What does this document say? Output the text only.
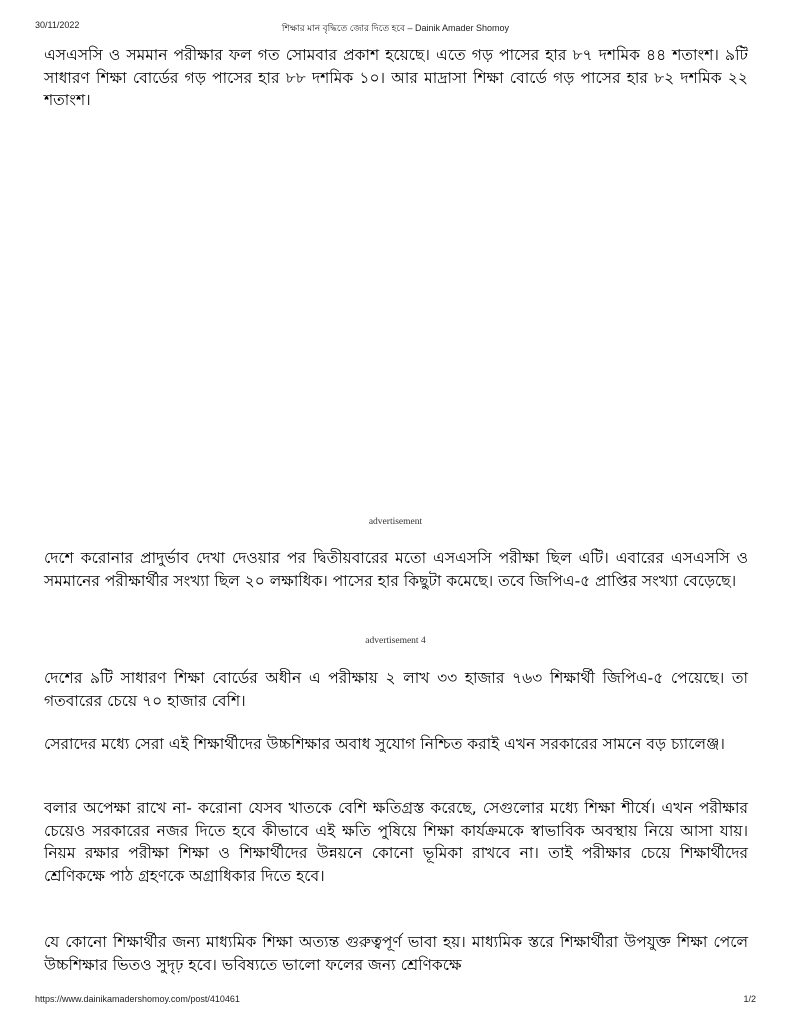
30/11/2022	শিক্ষার মান বৃদ্ধিতে জোর দিতে হবে – Dainik Amader Shomoy
এসএসসি ও সমমান পরীক্ষার ফল গত সোমবার প্রকাশ হয়েছে। এতে গড় পাসের হার ৮৭ দশমিক ৪৪ শতাংশ। ৯টি সাধারণ শিক্ষা বোর্ডের গড় পাসের হার ৮৮ দশমিক ১০। আর মাদ্রাসা শিক্ষা বোর্ডে গড় পাসের হার ৮২ দশমিক ২২ শতাংশ।
advertisement
দেশে করোনার প্রাদুর্ভাব দেখা দেওয়ার পর দ্বিতীয়বারের মতো এসএসসি পরীক্ষা ছিল এটি। এবারের এসএসসি ও সমমানের পরীক্ষার্থীর সংখ্যা ছিল ২০ লক্ষাধিক। পাসের হার কিছুটা কমেছে। তবে জিপিএ-৫ প্রাপ্তির সংখ্যা বেড়েছে।
advertisement 4
দেশের ৯টি সাধারণ শিক্ষা বোর্ডের অধীন এ পরীক্ষায় ২ লাখ ৩৩ হাজার ৭৬৩ শিক্ষার্থী জিপিএ-৫ পেয়েছে। তা গতবারের চেয়ে ৭০ হাজার বেশি।
সেরাদের মধ্যে সেরা এই শিক্ষার্থীদের উচ্চশিক্ষার অবাধ সুযোগ নিশ্চিত করাই এখন সরকারের সামনে বড় চ্যালেঞ্জ।
বলার অপেক্ষা রাখে না- করোনা যেসব খাতকে বেশি ক্ষতিগ্রস্ত করেছে, সেগুলোর মধ্যে শিক্ষা শীর্ষে। এখন পরীক্ষার চেয়েও সরকারের নজর দিতে হবে কীভাবে এই ক্ষতি পুষিয়ে শিক্ষা কার্যক্রমকে স্বাভাবিক অবস্থায় নিয়ে আসা যায়। নিয়ম রক্ষার পরীক্ষা শিক্ষা ও শিক্ষার্থীদের উন্নয়নে কোনো ভূমিকা রাখবে না। তাই পরীক্ষার চেয়ে শিক্ষার্থীদের শ্রেণিকক্ষে পাঠ গ্রহণকে অগ্রাধিকার দিতে হবে।
যে কোনো শিক্ষার্থীর জন্য মাধ্যমিক শিক্ষা অত্যন্ত গুরুত্বপূর্ণ ভাবা হয়। মাধ্যমিক স্তরে শিক্ষার্থীরা উপযুক্ত শিক্ষা পেলে উচ্চশিক্ষার ভিতও সুদৃঢ় হবে। ভবিষ্যতে ভালো ফলের জন্য শ্রেণিকক্ষে
https://www.dainikamadershomoy.com/post/410461	1/2
